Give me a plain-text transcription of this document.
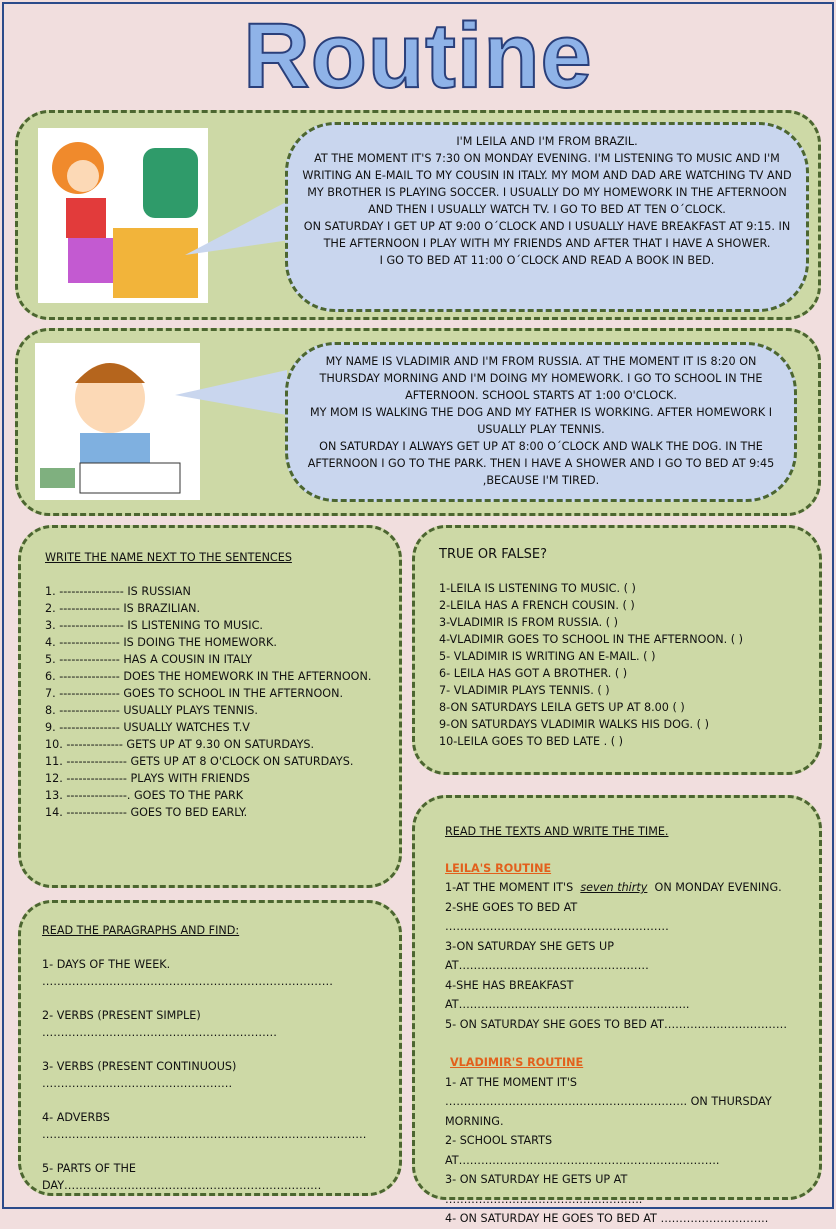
Routine
I'M LEILA AND I'M FROM BRAZIL.
AT THE MOMENT IT'S 7:30 ON MONDAY EVENING. I'M LISTENING TO MUSIC AND I'M WRITING AN E-MAIL TO MY COUSIN IN ITALY. MY MOM AND DAD ARE WATCHING TV AND MY BROTHER IS PLAYING SOCCER. I USUALLY DO MY HOMEWORK IN THE AFTERNOON AND THEN I USUALLY WATCH TV. I GO TO BED AT TEN O´CLOCK.
ON SATURDAY I GET UP AT 9:00 O´CLOCK AND I USUALLY HAVE BREAKFAST AT 9:15. IN THE AFTERNOON I PLAY WITH MY FRIENDS AND AFTER THAT I HAVE A SHOWER.
I GO TO BED AT 11:00 O´CLOCK AND READ A BOOK IN BED.
MY NAME IS VLADIMIR AND I'M FROM RUSSIA. AT THE MOMENT IT IS 8:20 ON THURSDAY MORNING AND I'M DOING MY HOMEWORK. I GO TO SCHOOL IN THE AFTERNOON. SCHOOL STARTS AT 1:00 O'CLOCK.
MY MOM IS WALKING THE DOG AND MY FATHER IS WORKING. AFTER HOMEWORK I USUALLY PLAY TENNIS.
ON SATURDAY I ALWAYS GET UP AT 8:00 O´CLOCK AND WALK THE DOG. IN THE AFTERNOON I GO TO THE PARK. THEN I HAVE A SHOWER AND I GO TO BED AT 9:45 ,BECAUSE I'M TIRED.
WRITE THE NAME NEXT TO THE SENTENCES
1. ---------------- IS RUSSIAN
2. --------------- IS BRAZILIAN.
3. ---------------- IS LISTENING TO MUSIC.
4. --------------- IS DOING THE HOMEWORK.
5. --------------- HAS A COUSIN IN ITALY
6. --------------- DOES THE HOMEWORK IN THE AFTERNOON.
7. --------------- GOES TO SCHOOL IN THE AFTERNOON.
8. --------------- USUALLY PLAYS TENNIS.
9. --------------- USUALLY WATCHES T.V
10. -------------- GETS UP AT 9.30 ON SATURDAYS.
11. --------------- GETS UP AT 8 O'CLOCK ON SATURDAYS.
12. --------------- PLAYS WITH FRIENDS
13. ---------------. GOES TO THE PARK
14. --------------- GOES TO BED EARLY.
TRUE OR FALSE?
1-LEILA IS LISTENING TO MUSIC. ( )
2-LEILA HAS A FRENCH COUSIN. ( )
3-VLADIMIR IS FROM RUSSIA. ( )
4-VLADIMIR GOES TO SCHOOL IN THE AFTERNOON. ( )
5- VLADIMIR IS WRITING AN E-MAIL. ( )
6- LEILA HAS GOT A BROTHER. ( )
7- VLADIMIR PLAYS TENNIS. ( )
8-ON SATURDAYS LEILA GETS UP AT 8.00 ( )
9-ON SATURDAYS VLADIMIR WALKS HIS DOG. ( )
10-LEILA GOES TO BED LATE . ( )
READ THE PARAGRAPHS AND FIND:
1- DAYS OF THE WEEK. ……………………………………………………………………
2- VERBS (PRESENT SIMPLE) ………………………………………………………
3- VERBS (PRESENT CONTINUOUS) ……………………………………………
4- ADVERBS ……………………………………………………………………………
5- PARTS OF THE DAY……………………………………………………………
READ THE TEXTS AND WRITE THE TIME.
LEILA'S ROUTINE
1-AT THE MOMENT IT'S seven thirty ON MONDAY EVENING.
2-SHE GOES TO BED AT ……………………………………………………
3-ON SATURDAY SHE GETS UP AT……………………………………………
4-SHE HAS BREAKFAST AT……………………………………………………..
5- ON SATURDAY SHE GOES TO BED AT……………………………
VLADIMIR'S ROUTINE
1- AT THE MOMENT IT'S ……………………………………………………….. ON THURSDAY MORNING.
2- SCHOOL STARTS AT…………………………………………………………….
3- ON SATURDAY HE GETS UP AT ……………………………………………..
4- ON SATURDAY HE GOES TO BED AT ………………………..
